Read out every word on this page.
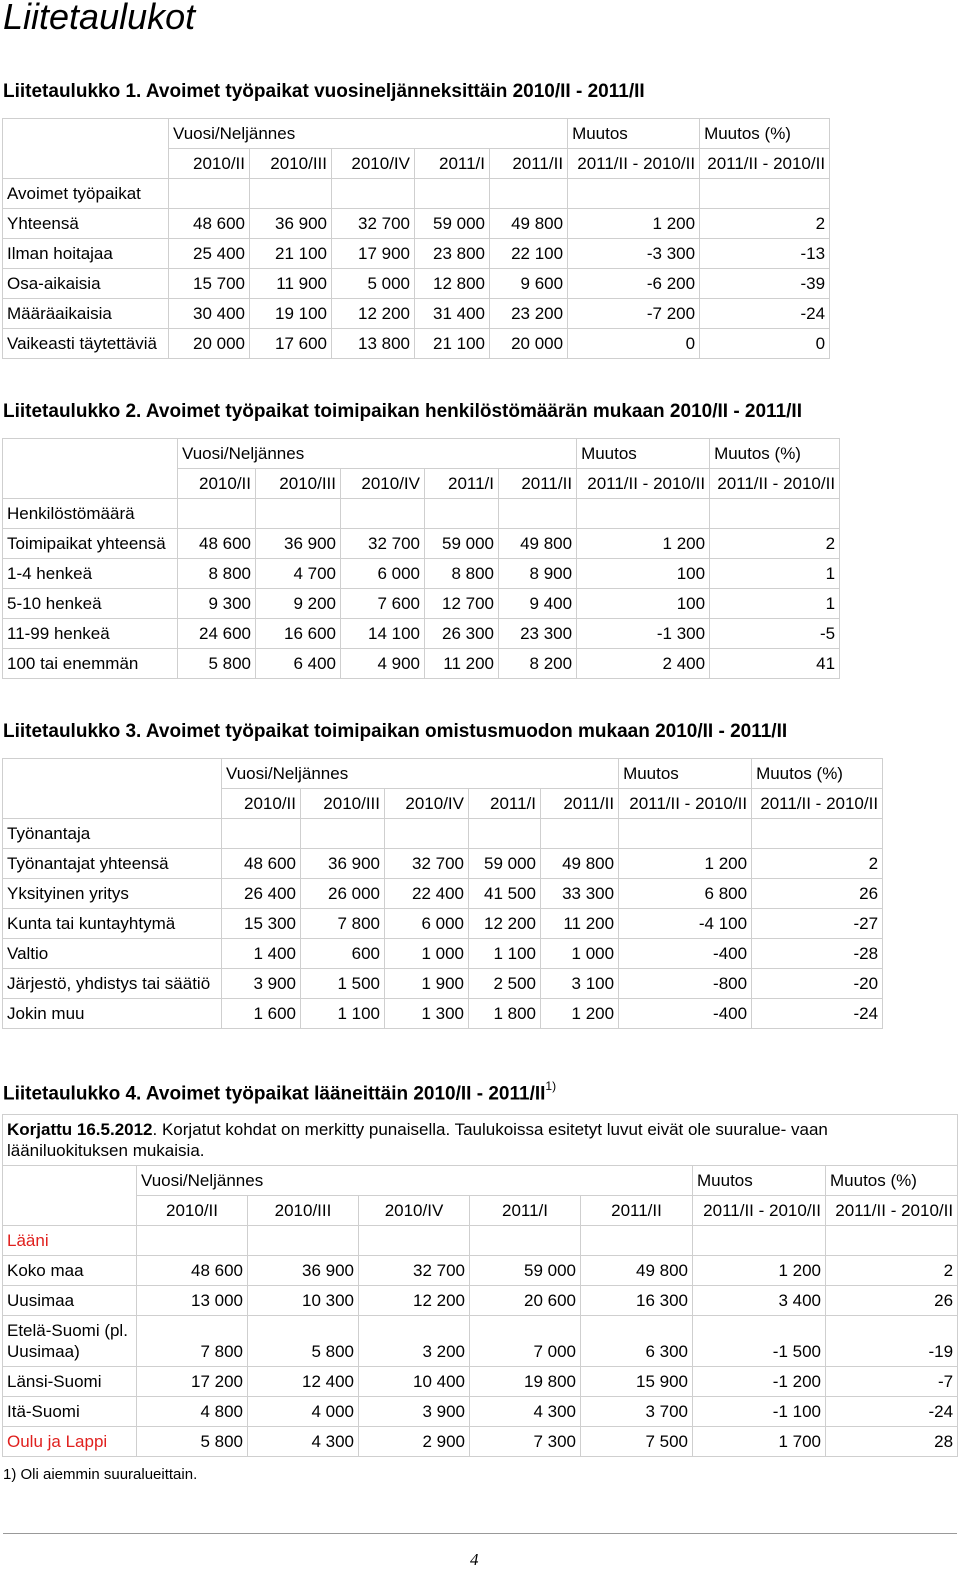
Liitetaulukot
Liitetaulukko 1. Avoimet työpaikat vuosineljänneksittäin 2010/II - 2011/II
	Vuosi/Neljännes					Muutos	Muutos (%)
	2010/II	2010/III	2010/IV	2011/I	2011/II	2011/II - 2010/II	2011/II - 2010/II
Avoimet työpaikat							
Yhteensä	48 600	36 900	32 700	59 000	49 800	1 200	2
Ilman hoitajaa	25 400	21 100	17 900	23 800	22 100	-3 300	-13
Osa-aikaisia	15 700	11 900	5 000	12 800	9 600	-6 200	-39
Määräaikaisia	30 400	19 100	12 200	31 400	23 200	-7 200	-24
Vaikeasti täytettäviä	20 000	17 600	13 800	21 100	20 000	0	0
Liitetaulukko 2. Avoimet työpaikat toimipaikan henkilöstömäärän mukaan 2010/II - 2011/II
	Vuosi/Neljännes					Muutos	Muutos (%)
	2010/II	2010/III	2010/IV	2011/I	2011/II	2011/II - 2010/II	2011/II - 2010/II
Henkilöstömäärä							
Toimipaikat yhteensä	48 600	36 900	32 700	59 000	49 800	1 200	2
1-4 henkeä	8 800	4 700	6 000	8 800	8 900	100	1
5-10 henkeä	9 300	9 200	7 600	12 700	9 400	100	1
11-99 henkeä	24 600	16 600	14 100	26 300	23 300	-1 300	-5
100 tai enemmän	5 800	6 400	4 900	11 200	8 200	2 400	41
Liitetaulukko 3. Avoimet työpaikat toimipaikan omistusmuodon mukaan 2010/II - 2011/II
	Vuosi/Neljännes					Muutos	Muutos (%)
	2010/II	2010/III	2010/IV	2011/I	2011/II	2011/II - 2010/II	2011/II - 2010/II
Työnantaja							
Työnantajat yhteensä	48 600	36 900	32 700	59 000	49 800	1 200	2
Yksityinen yritys	26 400	26 000	22 400	41 500	33 300	6 800	26
Kunta tai kuntayhtymä	15 300	7 800	6 000	12 200	11 200	-4 100	-27
Valtio	1 400	600	1 000	1 100	1 000	-400	-28
Järjestö, yhdistys tai säätiö	3 900	1 500	1 900	2 500	3 100	-800	-20
Jokin muu	1 600	1 100	1 300	1 800	1 200	-400	-24
Liitetaulukko 4. Avoimet työpaikat lääneittäin 2010/II - 2011/II$^{1)}$
Korjattu 16.5.2012. Korjatut kohdat on merkitty punaisella. Taulukoissa esitetyt luvut eivät ole suuralue- vaan lääniluokituksen mukaisia.							
	Vuosi/Neljännes					Muutos	Muutos (%)
	2010/II	2010/III	2010/IV	2011/I	2011/II	2011/II - 2010/II	2011/II - 2010/II
Lääni							
Koko maa	48 600	36 900	32 700	59 000	49 800	1 200	2
Uusimaa	13 000	10 300	12 200	20 600	16 300	3 400	26
Etelä-Suomi (pl. Uusimaa)	7 800	5 800	3 200	7 000	6 300	-1 500	-19
Länsi-Suomi	17 200	12 400	10 400	19 800	15 900	-1 200	-7
Itä-Suomi	4 800	4 000	3 900	4 300	3 700	-1 100	-24
Oulu ja Lappi	5 800	4 300	2 900	7 300	7 500	1 700	28

1) Oli aiemmin suuralueittain.

4
